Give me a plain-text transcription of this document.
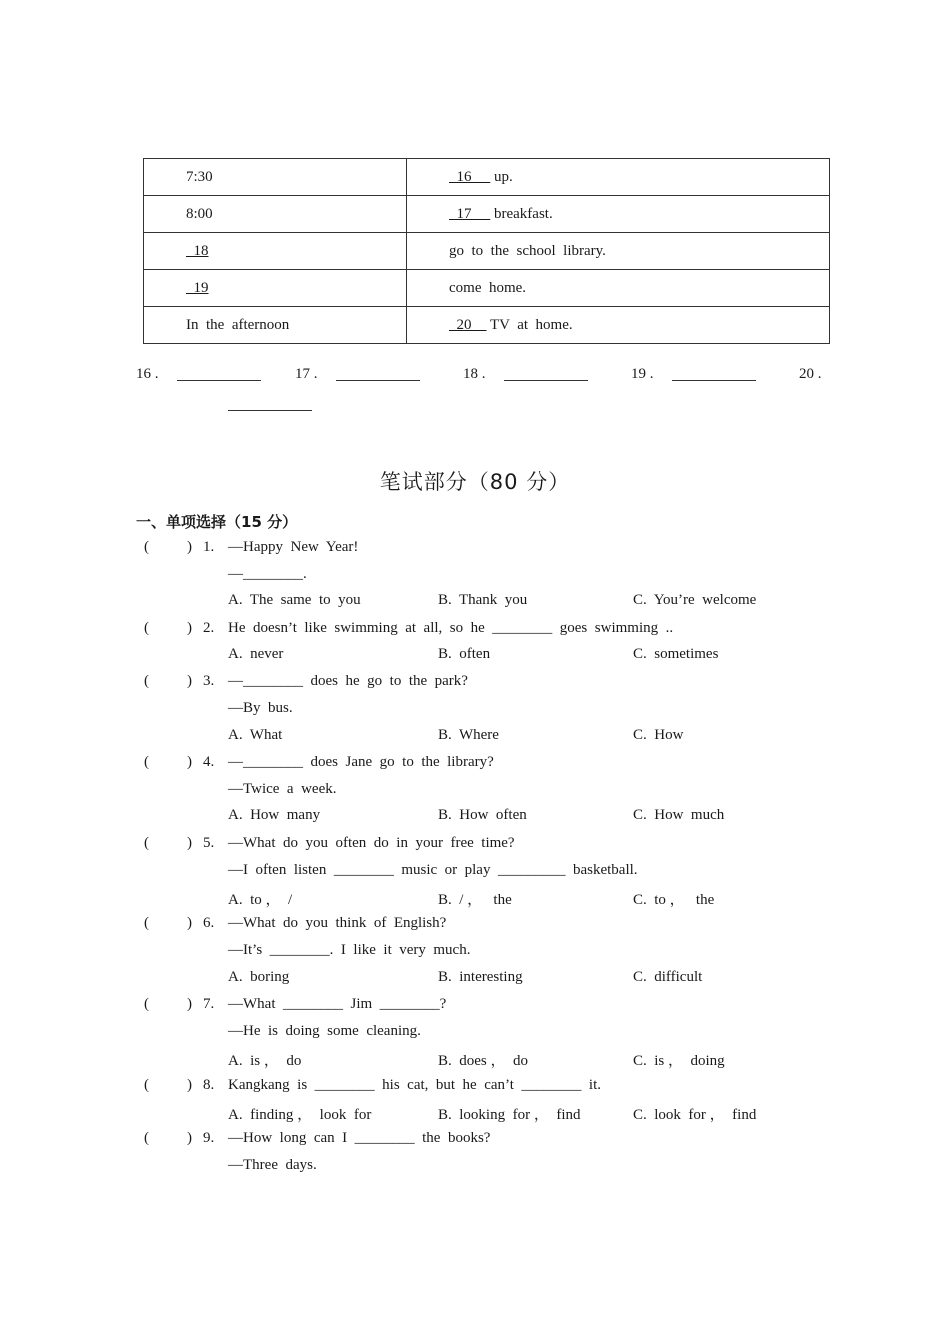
7:30	16      up.
8:00	17      breakfast.
18	go  to  the  school  library.
19	come  home.
In  the  afternoon	20     TV  at  home.
16 .	17 .	18 .	19 .	20 .
笔试部分（80 分）
一、单项选择（15 分）
(	) 1. —Happy  New  Year!
—________.
A.  The  same  to  you	B.  Thank  you	C.  You’re  welcome
(	) 2. He  doesn’t  like  swimming  at  all,  so  he  ________  goes  swimming  ..
A.  never	B.  often	C.  sometimes
(	) 3. —________  does  he  go  to  the  park?
—By  bus.
A.  What	B.  Where	C.  How
(	) 4. —________  does  Jane  go  to  the  library?
—Twice  a  week.
A.  How  many	B.  How  often	C.  How  much
(	) 5. —What  do  you  often  do  in  your  free  time?
—I  often  listen  ________  music  or  play  _________  basketball.
A.  to ，  /	B.  / ，   the	C.  to ，   the
(	) 6. —What  do  you  think  of  English?
—It’s  ________.  I  like  it  very  much.
A.  boring	B.  interesting	C.  difficult
(	) 7. —What  ________  Jim  ________?
—He  is  doing  some  cleaning.
A.  is ，  do	B.  does ，  do	C.  is ，  doing
(	) 8. Kangkang  is  ________  his  cat,  but  he  can’t  ________  it.
A.  finding ，  look  for	B.  looking  for ，  find	C.  look  for ，  find
(	) 9. —How  long  can  I  ________  the  books?
—Three  days.
